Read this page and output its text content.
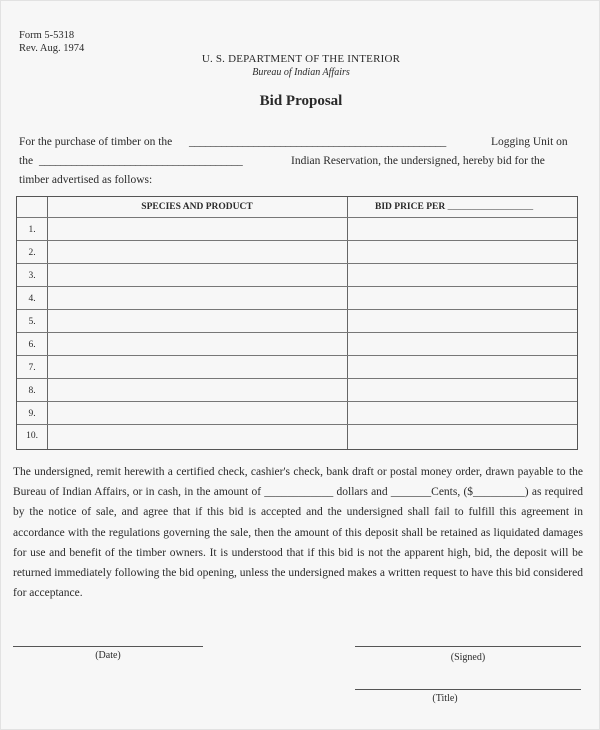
Form 5-5318
Rev. Aug. 1974
U. S. DEPARTMENT OF THE INTERIOR
Bureau of Indian Affairs
Bid Proposal
For the purchase of timber on the ________________________________________________	Logging Unit on
the ______________________________________	Indian Reservation, the undersigned, hereby bid for the
timber advertised as follows:
SPECIES AND PRODUCT	BID PRICE PER __________________
1.
2.
3.
4.
5.
6.
7.
8.
9.
10.

The undersigned, remit herewith a certified check, cashier's check, bank draft or postal money order, drawn payable to the Bureau of Indian Affairs, or in cash, in the amount of ____________ dollars and _______Cents, ($_________) as required by the notice of sale, and agree that if this bid is accepted and the undersigned shall fail to fulfill this agreement in accordance with the regulations governing the sale, then the amount of this deposit shall be retained as liquidated damages for use and benefit of the timber owners. It is understood that if this bid is not the apparent high, bid, the deposit will be returned immediately following the bid opening, unless the undersigned makes a written request to have this bid considered for acceptance.

(Date)	(Signed)
(Title)
